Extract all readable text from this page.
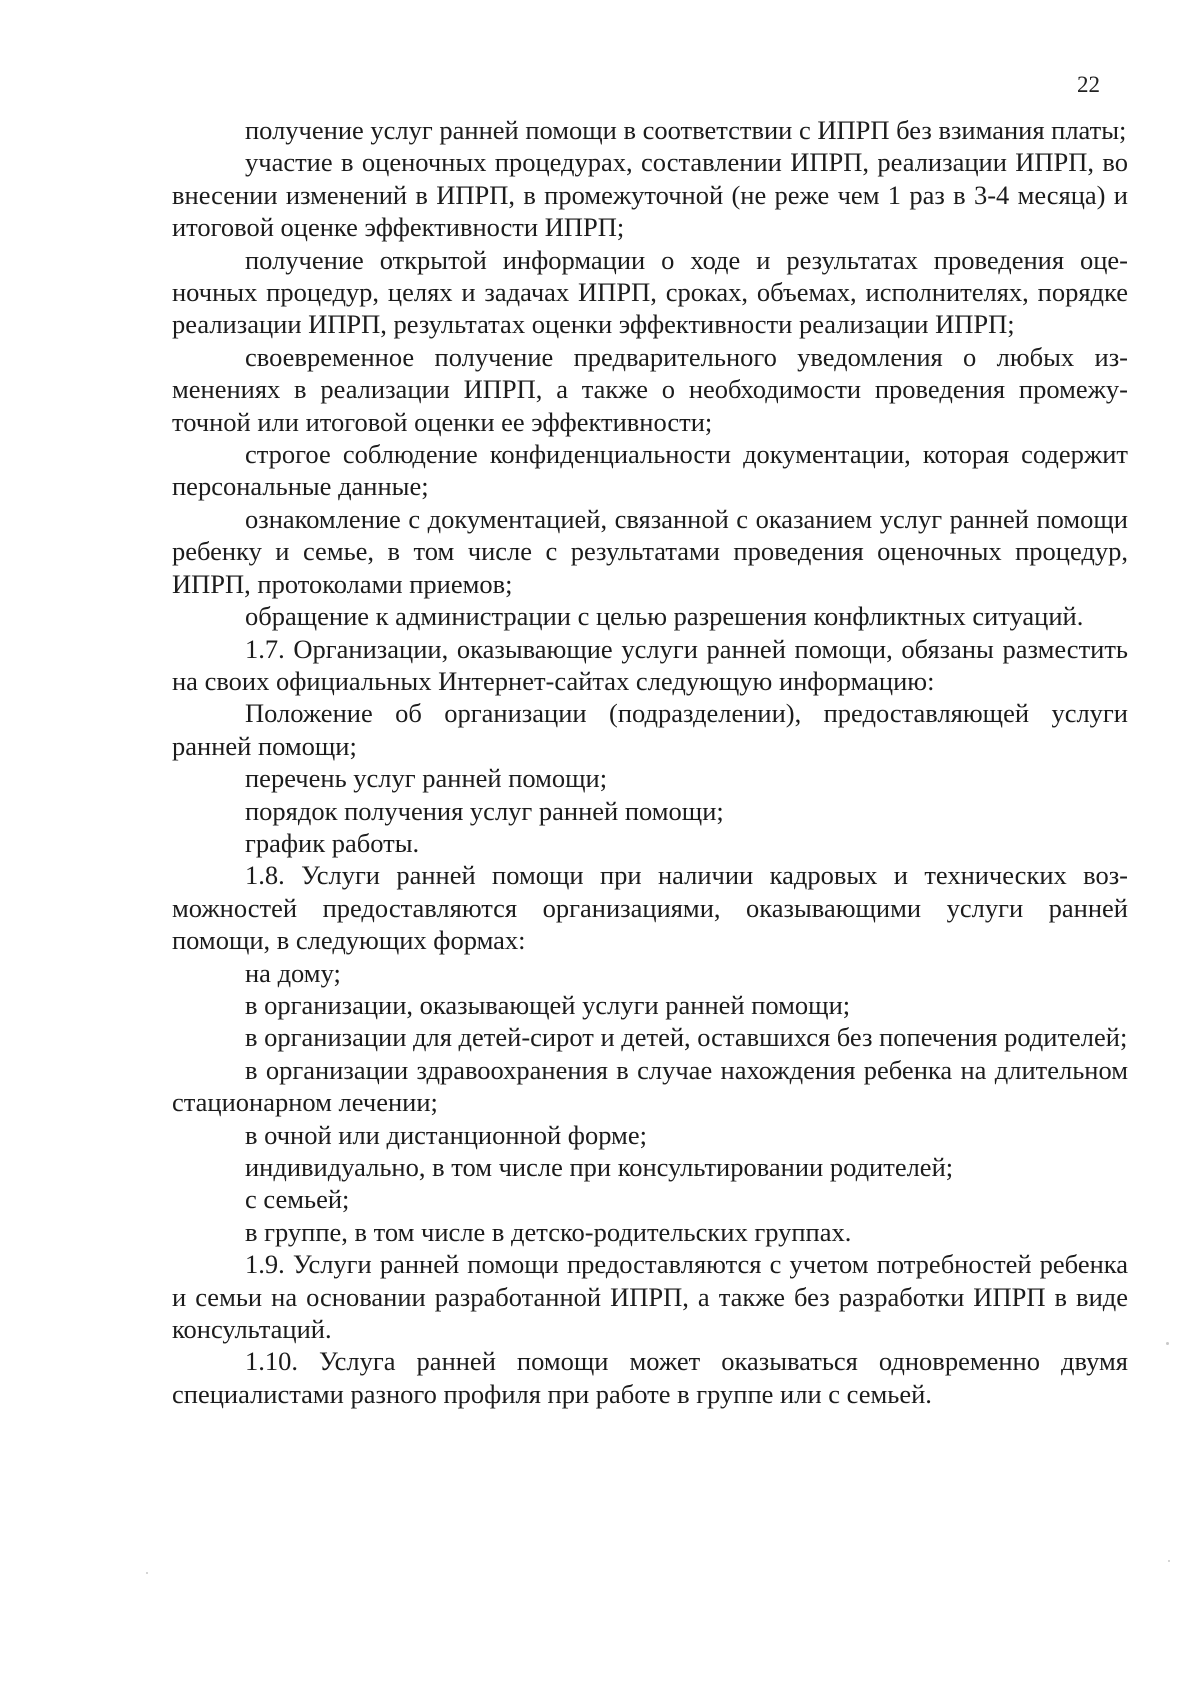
22

получение услуг ранней помощи в соответствии с ИПРП без взимания платы;

участие в оценочных процедурах, составлении ИПРП, реализации ИПРП, во внесении изменений в ИПРП, в промежуточной (не реже чем 1 раз в 3-4 месяца) и итоговой оценке эффективности ИПРП;

получение открытой информации о ходе и результатах проведения оценочных процедур, целях и задачах ИПРП, сроках, объемах, исполнителях, порядке реализации ИПРП, результатах оценки эффективности реализации ИПРП;

своевременное получение предварительного уведомления о любых изменениях в реализации ИПРП, а также о необходимости проведения промежуточной или итоговой оценки ее эффективности;

строгое соблюдение конфиденциальности документации, которая содержит персональные данные;

ознакомление с документацией, связанной с оказанием услуг ранней помощи ребенку и семье, в том числе с результатами проведения оценочных процедур, ИПРП, протоколами приемов;

обращение к администрации с целью разрешения конфликтных ситуаций.

1.7. Организации, оказывающие услуги ранней помощи, обязаны разместить на своих официальных Интернет-сайтах следующую информацию:

Положение об организации (подразделении), предоставляющей услуги ранней помощи;

перечень услуг ранней помощи;

порядок получения услуг ранней помощи;

график работы.

1.8. Услуги ранней помощи при наличии кадровых и технических возможностей предоставляются организациями, оказывающими услуги ранней помощи, в следующих формах:

на дому;

в организации, оказывающей услуги ранней помощи;

в организации для детей-сирот и детей, оставшихся без попечения родителей;

в организации здравоохранения в случае нахождения ребенка на длительном стационарном лечении;

в очной или дистанционной форме;

индивидуально, в том числе при консультировании родителей;

с семьей;

в группе, в том числе в детско-родительских группах.

1.9. Услуги ранней помощи предоставляются с учетом потребностей ребенка и семьи на основании разработанной ИПРП, а также без разработки ИПРП в виде консультаций.

1.10. Услуга ранней помощи может оказываться одновременно двумя специалистами разного профиля при работе в группе или с семьей.
